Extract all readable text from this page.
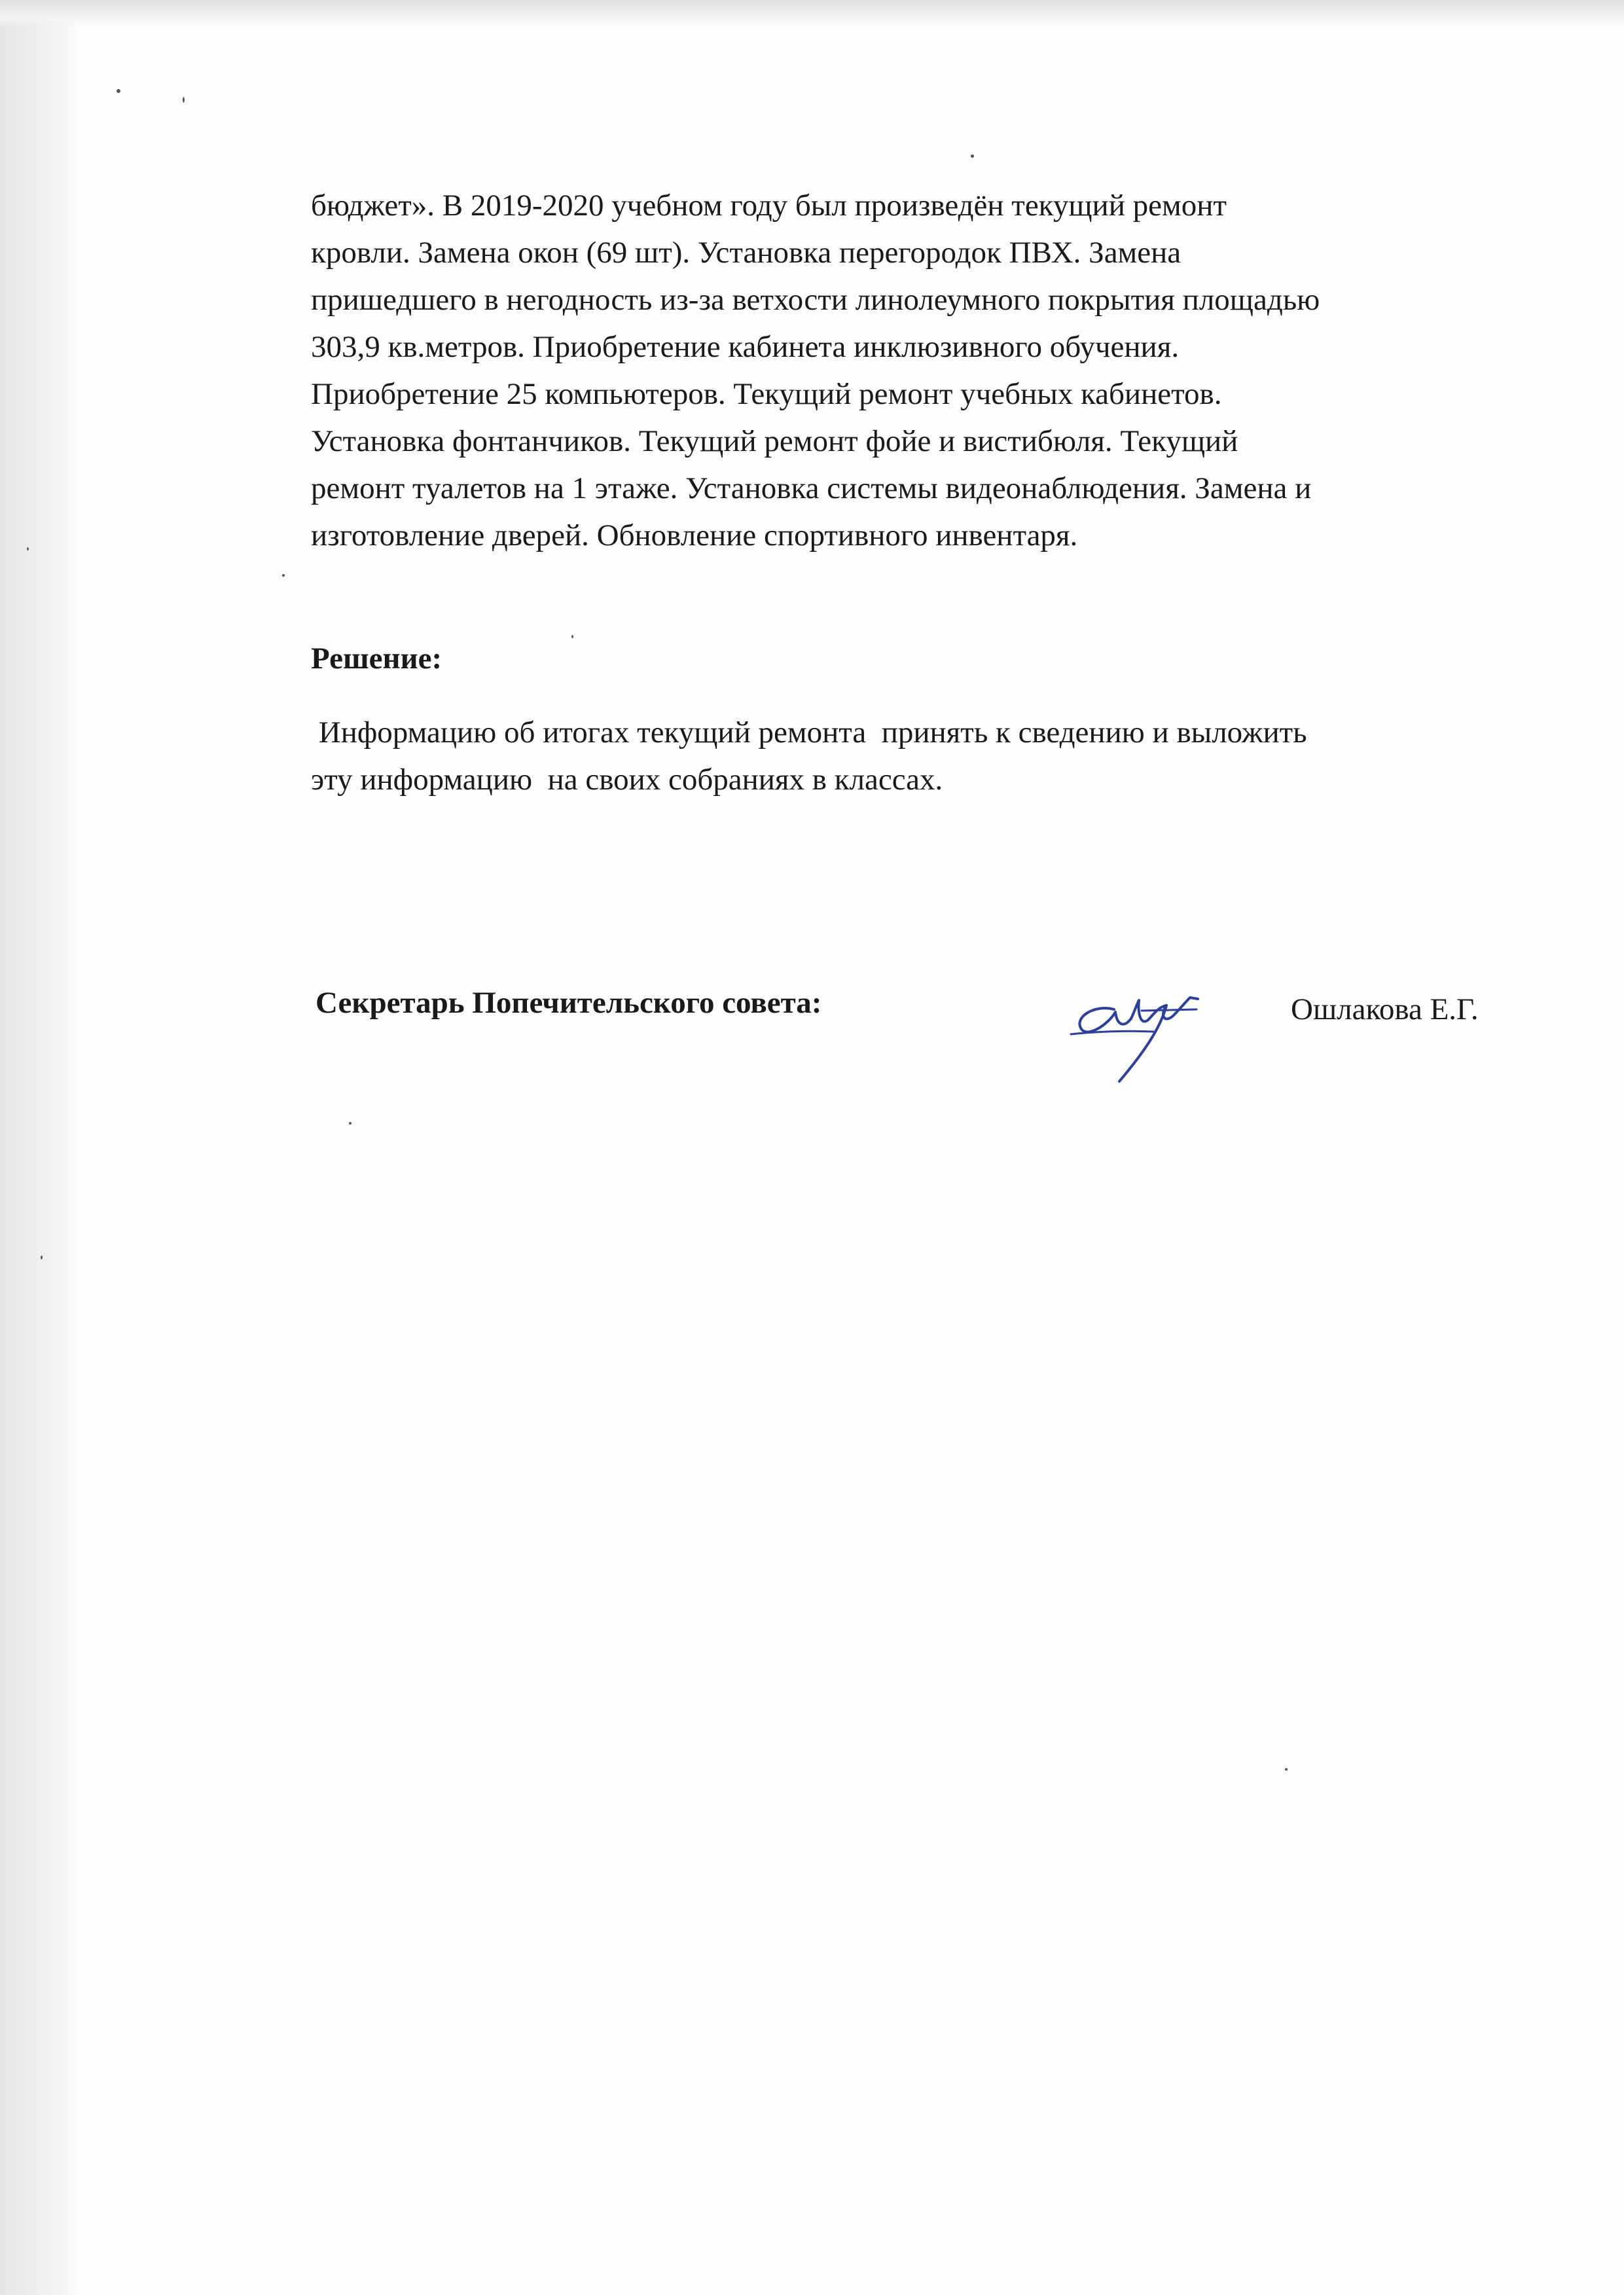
бюджет». В 2019-2020 учебном году был произведён текущий ремонт
кровли. Замена окон (69 шт). Установка перегородок ПВХ. Замена
пришедшего в негодность из-за ветхости линолеумного покрытия площадью
303,9 кв.метров. Приобретение кабинета инклюзивного обучения.
Приобретение 25 компьютеров. Текущий ремонт учебных кабинетов.
Установка фонтанчиков. Текущий ремонт фойе и вистибюля. Текущий
ремонт туалетов на 1 этаже. Установка системы видеонаблюдения. Замена и
изготовление дверей. Обновление спортивного инвентаря.
Решение:
Информацию об итогах текущий ремонта  принять к сведению и выложить
эту информацию  на своих собраниях в классах.
Секретарь Попечительского совета:	Ошлакова Е.Г.
